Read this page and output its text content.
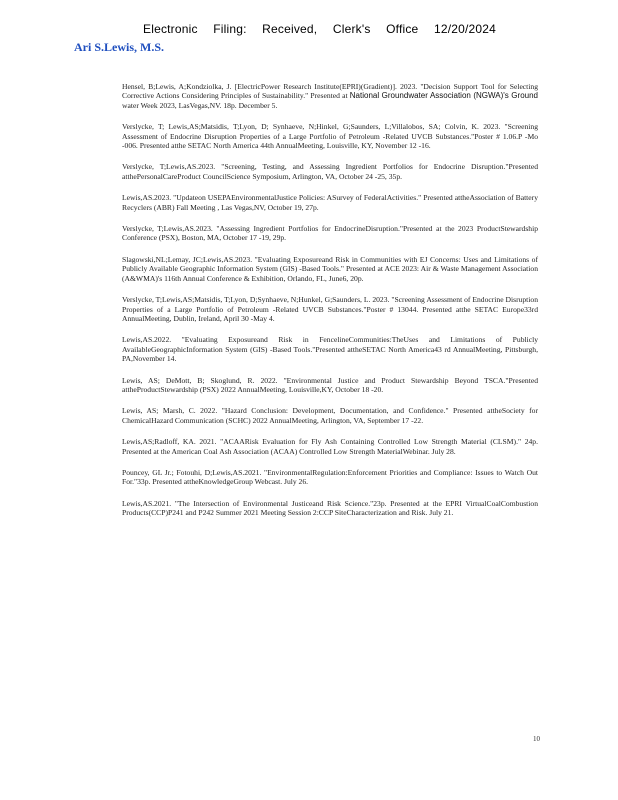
Electronic Filing: Received, Clerk's Office 12/20/2024
Ari S.Lewis, M.S.

Hensel, B;Lewis, A;Kondziolka, J. [ElectricPower Research Institute(EPRI)(Gradient)]. 2023. "Decision Support Tool for Selecting Corrective Actions Considering Principles of Sustainability." Presented at National Groundwater Association (NGWA)'s Ground water Week 2023, LasVegas,NV. 18p. December 5.

Verslycke, T; Lewis,AS;Matsidis, T;Lyon, D; Synhaeve, N;Hinkel, G;Saunders, L;Villalobos, SA; Colvin, K. 2023. "Screening Assessment of Endocrine Disruption Properties of a Large Portfolio of Petroleum -Related UVCB Substances."Poster # 1.06.P -Mo -006. Presented atthe SETAC North America 44th AnnualMeeting, Louisville, KY, November 12 -16.

Verslycke, T;Lewis,AS.2023. "Screening, Testing, and Assessing Ingredient Portfolios for Endocrine Disruption."Presented atthePersonalCareProduct CouncilScience Symposium, Arlington, VA, October 24 -25, 35p.

Lewis,AS.2023. "Updateon USEPAEnvironmentalJustice Policies: ASurvey of FederalActivities." Presented attheAssociation of Battery Recyclers (ABR) Fall Meeting , Las Vegas,NV, October 19, 27p.

Verslycke, T;Lewis,AS.2023. "Assessing Ingredient Portfolios for EndocrineDisruption."Presented at the 2023 ProductStewardship Conference (PSX), Boston, MA, October 17 -19, 29p.

Slagowski,NL;Lemay, JC;Lewis,AS.2023. "Evaluating Exposureand Risk in Communities with EJ Concerns: Uses and Limitations of Publicly Available Geographic Information System (GIS) -Based Tools." Presented at ACE 2023: Air & Waste Management Association (A&WMA)'s 116th Annual Conference & Exhibition, Orlando, FL, June6, 20p.

Verslycke, T;Lewis,AS;Matsidis, T;Lyon, D;Synhaeve, N;Hunkel, G;Saunders, L. 2023. "Screening Assessment of Endocrine Disruption Properties of a Large Portfolio of Petroleum -Related UVCB Substances."Poster # 13044. Presented atthe SETAC Europe33rd AnnualMeeting, Dublin, Ireland, April 30 -May 4.

Lewis,AS.2022. "Evaluating Exposureand Risk in FencelineCommunities:TheUses and Limitations of Publicly AvailableGeographicInformation System (GIS) -Based Tools."Presented attheSETAC North America43 rd AnnualMeeting, Pittsburgh, PA,November 14.

Lewis, AS; DeMott, B; Skoglund, R. 2022. "Environmental Justice and Product Stewardship Beyond TSCA."Presented attheProductStewardship (PSX) 2022 AnnualMeeting, Louisville,KY, October 18 -20.

Lewis, AS; Marsh, C. 2022. "Hazard Conclusion: Development, Documentation, and Confidence." Presented attheSociety for ChemicalHazard Communication (SCHC) 2022 AnnualMeeting, Arlington, VA, September 17 -22.

Lewis,AS;Radloff, KA. 2021. "ACAARisk Evaluation for Fly Ash Containing Controlled Low Strength Material (CLSM)." 24p. Presented at the American Coal Ash Association (ACAA) Controlled Low Strength MaterialWebinar. July 28.

Pouncey, GL Jr.; Fotouhi, D;Lewis,AS.2021. "EnvironmentalRegulation:Enforcement Priorities and Compliance: Issues to Watch Out For."33p. Presented attheKnowledgeGroup Webcast. July 26.

Lewis,AS.2021. "The Intersection of Environmental Justiceand Risk Science."23p. Presented at the EPRI VirtualCoalCombustion Products(CCP)P241 and P242 Summer 2021 Meeting Session 2:CCP SiteCharacterization and Risk. July 21.

10
